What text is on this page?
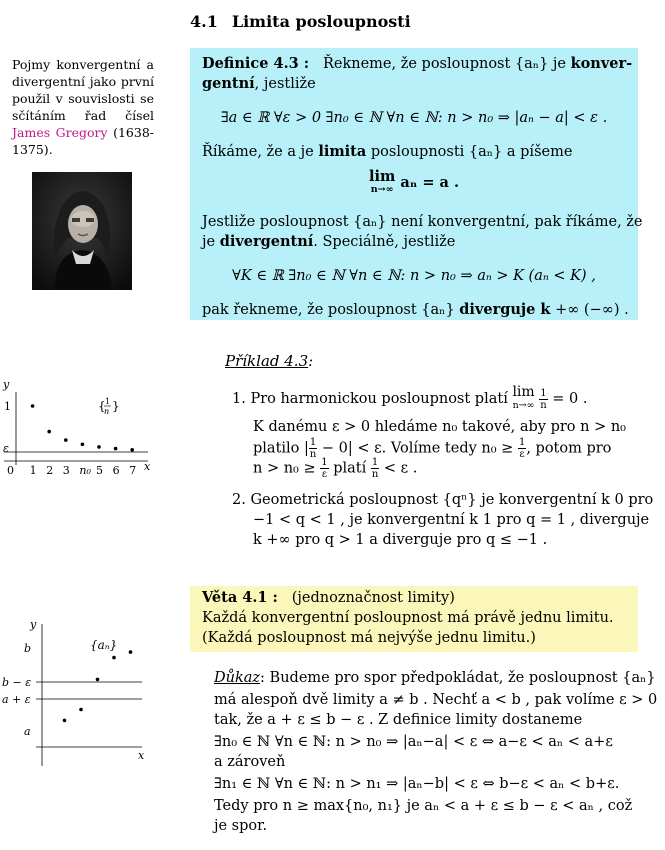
4.1 Limita posloupnosti
Pojmy konvergentní a divergentní jako první použil v souvislosti se sčítáním řad čísel James Gregory (1638-1375).
Definice 4.3 : Řekneme, že posloupnost {aₙ} je konver-
gentní, jestliže
∃a ∈ ℝ ∀ε > 0 ∃n₀ ∈ ℕ ∀n ∈ ℕ: n > n₀ ⇒ |aₙ − a| < ε .
Říkáme, že a je limita posloupnosti {aₙ} a píšeme
lim
n→∞ aₙ = a .
Jestliže posloupnost {aₙ} není konvergentní, pak říkáme, že
je divergentní. Speciálně, jestliže
∀K ∈ ℝ ∃n₀ ∈ ℕ ∀n ∈ ℕ: n > n₀ ⇒ aₙ > K (aₙ < K) ,
pak řekneme, že posloupnost {aₙ} diverguje k +∞ (−∞) .
Příklad 4.3:
1. Pro harmonickou posloupnost platí lim
n→∞
$\frac{1}{n} = 0$ .
K danému ε > 0 hledáme n₀ takové, aby pro n > n₀
platilo | $\frac{1}{n} - 0| < \varepsilon$. Volíme tedy $n_0 \ge \frac{1}{\varepsilon}$ , potom pro
$n > n_0 \ge \frac{1}{\varepsilon}$ platí $\frac{1}{n} < \varepsilon$ .
2. Geometrická posloupnost {qⁿ} je konvergentní k 0 pro
−1 < q < 1 , je konvergentní k 1 pro q = 1 , diverguje
k +∞ pro q > 1 a diverguje pro q ≤ −1 .
y
x
1
ε
0 1 2 3 n₀ 5 6 7
{ 1
n }
Věta 4.1 : (jednoznačnost limity)
Každá konvergentní posloupnost má právě jednu limitu.
(Každá posloupnost má nejvýše jednu limitu.)
Důkaz: Budeme pro spor předpokládat, že posloupnost {aₙ}
má alespoň dvě limity a ≠ b . Nechť a < b , pak volíme ε > 0
tak, že a + ε ≤ b − ε . Z definice limity dostaneme
∃n₀ ∈ ℕ ∀n ∈ ℕ: n > n₀ ⇒ |aₙ−a| < ε ⇔ a−ε < aₙ < a+ε
a zároveň
∃n₁ ∈ ℕ ∀n ∈ ℕ: n > n₁ ⇒ |aₙ−b| < ε ⇔ b−ε < aₙ < b+ε.
Tedy pro n ≥ max{n₀, n₁} je aₙ < a + ε ≤ b − ε < aₙ , což
je spor.
y
x
b
b − ε
a + ε
a
{aₙ}
